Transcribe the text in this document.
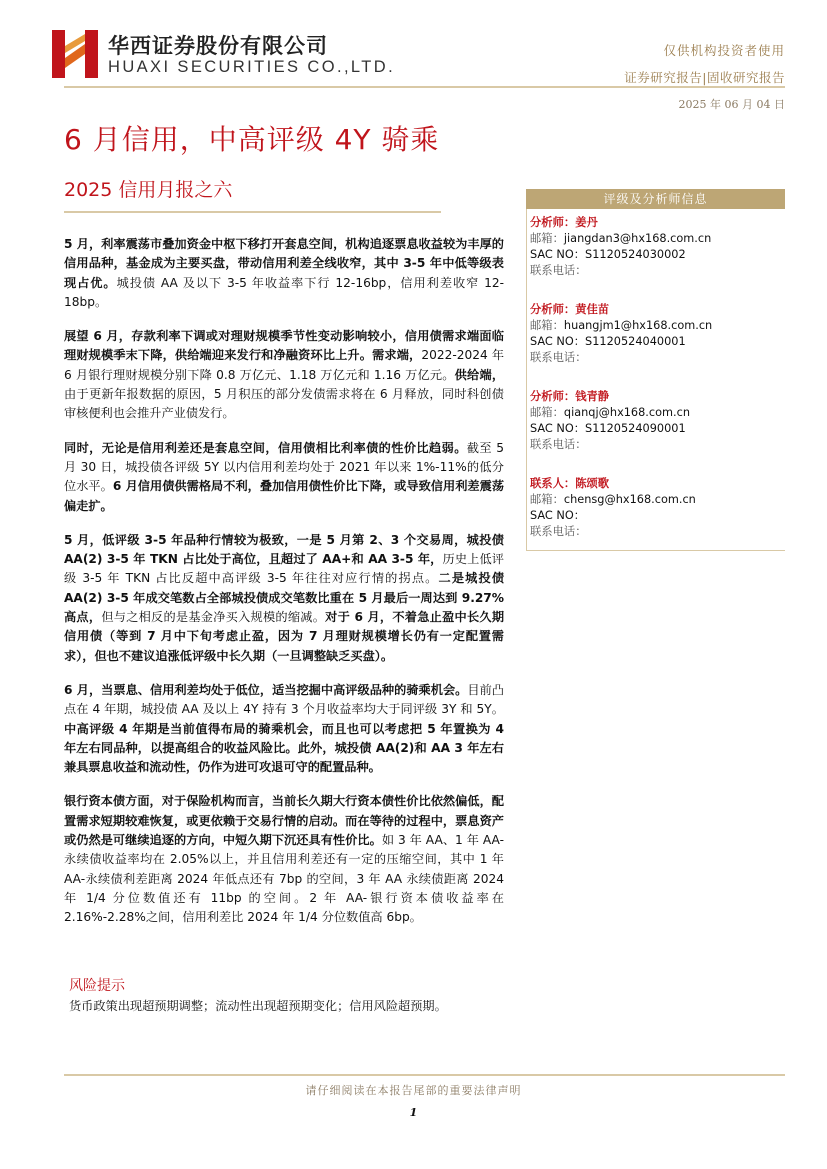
华西证券股份有限公司
HUAXI SECURITIES CO.,LTD.
仅供机构投资者使用
证券研究报告|固收研究报告
2025 年 06 月 04 日
6 月信用，中高评级 4Y 骑乘
2025 信用月报之六

5 月，利率震荡市叠加资金中枢下移打开套息空间，机构追逐票息收益较为丰厚的信用品种，基金成为主要买盘，带动信用利差全线收窄，其中 3-5 年中低等级表现占优。城投债 AA 及以下 3-5 年收益率下行 12-16bp，信用利差收窄 12-18bp。

展望 6 月，存款利率下调或对理财规模季节性变动影响较小，信用债需求端面临理财规模季末下降，供给端迎来发行和净融资环比上升。需求端，2022-2024 年 6 月银行理财规模分别下降 0.8 万亿元、1.18 万亿元和 1.16 万亿元。供给端，由于更新年报数据的原因，5 月积压的部分发债需求将在 6 月释放，同时科创债审核便利也会推升产业债发行。

同时，无论是信用利差还是套息空间，信用债相比利率债的性价比趋弱。截至 5 月 30 日，城投债各评级 5Y 以内信用利差均处于 2021 年以来 1%-11%的低分位水平。6 月信用债供需格局不利，叠加信用债性价比下降，或导致信用利差震荡偏走扩。

5 月，低评级 3-5 年品种行情较为极致，一是 5 月第 2、3 个交易周，城投债 AA(2) 3-5 年 TKN 占比处于高位，且超过了 AA+和 AA 3-5 年，历史上低评级 3-5 年 TKN 占比反超中高评级 3-5 年往往对应行情的拐点。二是城投债 AA(2) 3-5 年成交笔数占全部城投债成交笔数比重在 5 月最后一周达到 9.27%高点，但与之相反的是基金净买入规模的缩减。对于 6 月，不着急止盈中长久期信用债（等到 7 月中下旬考虑止盈，因为 7 月理财规模增长仍有一定配置需求），但也不建议追涨低评级中长久期（一旦调整缺乏买盘）。

6 月，当票息、信用利差均处于低位，适当挖掘中高评级品种的骑乘机会。目前凸点在 4 年期，城投债 AA 及以上 4Y 持有 3 个月收益率均大于同评级 3Y 和 5Y。中高评级 4 年期是当前值得布局的骑乘机会，而且也可以考虑把 5 年置换为 4 年左右同品种，以提高组合的收益风险比。此外，城投债 AA(2)和 AA 3 年左右兼具票息收益和流动性，仍作为进可攻退可守的配置品种。

银行资本债方面，对于保险机构而言，当前长久期大行资本债性价比依然偏低，配置需求短期较难恢复，或更依赖于交易行情的启动。而在等待的过程中，票息资产或仍然是可继续追逐的方向，中短久期下沉还具有性价比。如 3 年 AA、1 年 AA-永续债收益率均在 2.05%以上，并且信用利差还有一定的压缩空间，其中 1 年 AA-永续债利差距离 2024 年低点还有 7bp 的空间，3 年 AA 永续债距离 2024 年 1/4 分位数值还有 11bp 的空间。2 年 AA-银行资本债收益率在 2.16%-2.28%之间，信用利差比 2024 年 1/4 分位数值高 6bp。

风险提示
货币政策出现超预期调整；流动性出现超预期变化；信用风险超预期。
评级及分析师信息
分析师：姜丹
邮箱：jiangdan3@hx168.com.cn
SAC NO：S1120524030002
联系电话：
分析师：黄佳苗
邮箱：huangjm1@hx168.com.cn
SAC NO：S1120524040001
联系电话：
分析师：钱青静
邮箱：qianqj@hx168.com.cn
SAC NO：S1120524090001
联系电话：
联系人：陈颂歌
邮箱：chensg@hx168.com.cn
SAC NO：
联系电话：
请仔细阅读在本报告尾部的重要法律声明
1
